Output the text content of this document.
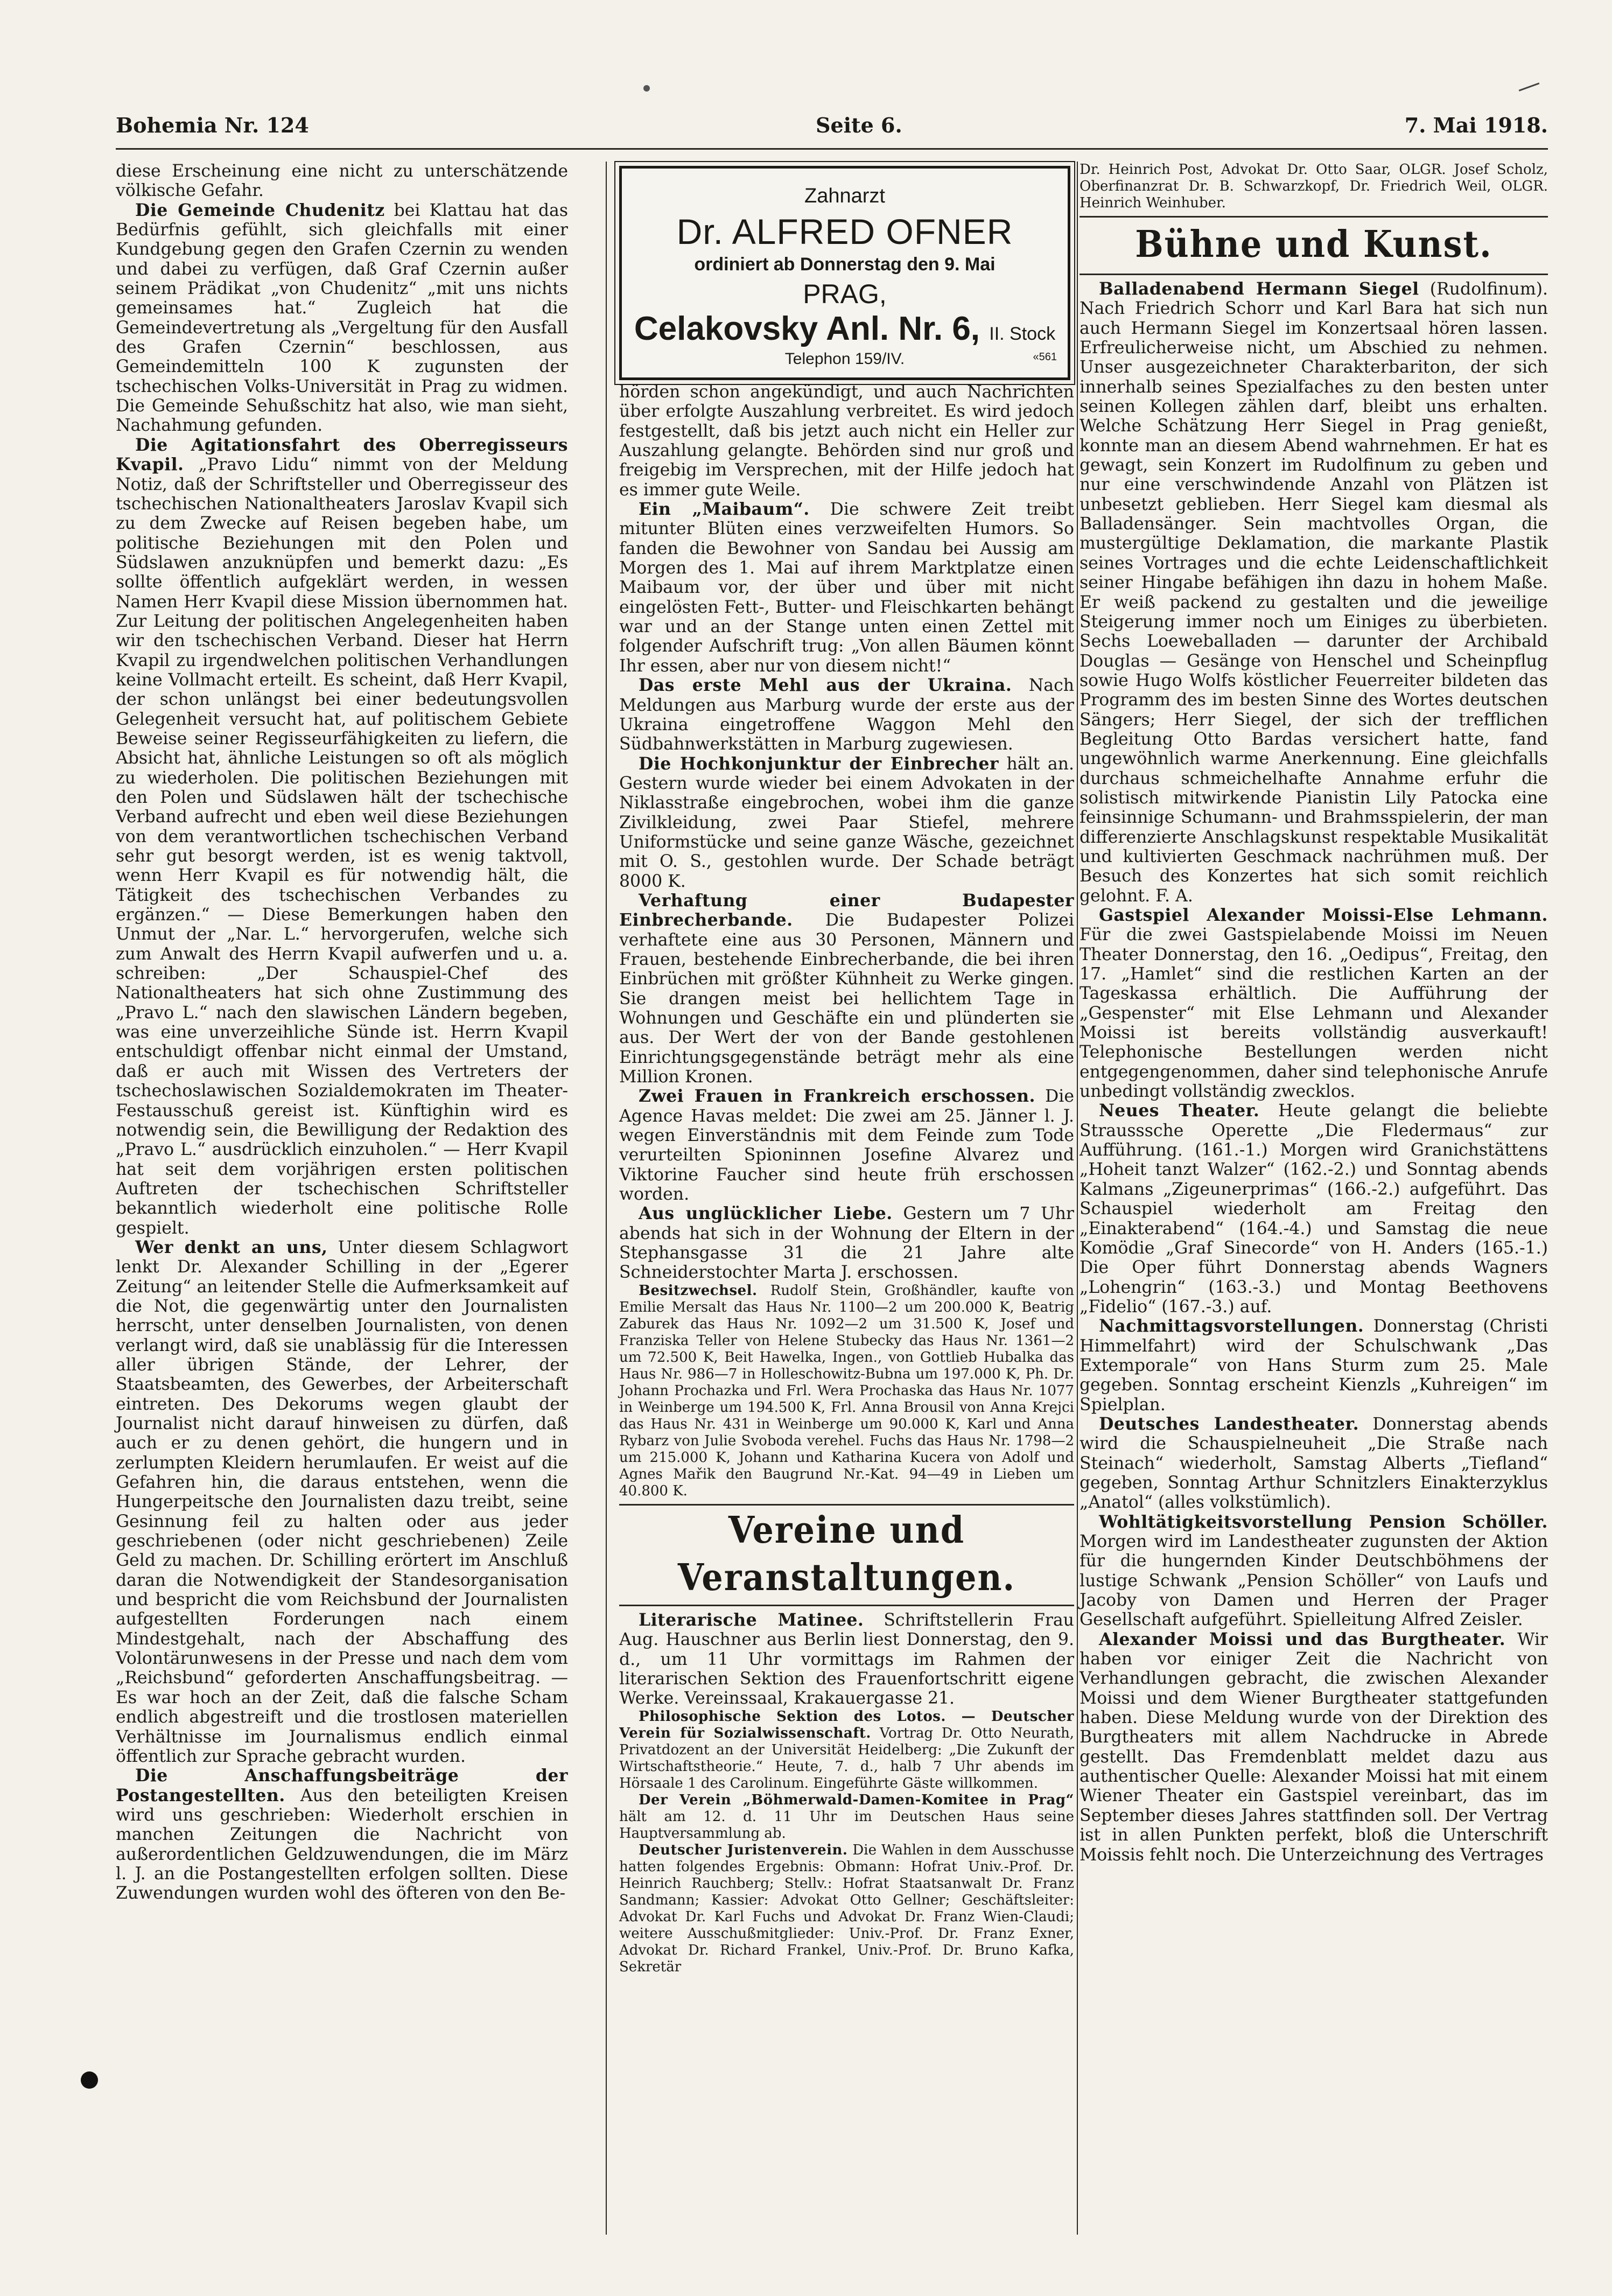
Bohemia Nr. 124	Seite 6.	7. Mai 1918.

diese Erscheinung eine nicht zu unterschätzende völkische Gefahr.

Die Gemeinde Chudenitz bei Klattau hat das Bedürfnis gefühlt, sich gleichfalls mit einer Kundgebung gegen den Grafen Czernin zu wenden und dabei zu verfügen, daß Graf Czernin außer seinem Prädikat „von Chudenitz“ „mit uns nichts gemeinsames hat.“ Zugleich hat die Gemeindevertretung als „Vergeltung für den Ausfall des Grafen Czernin“ beschlossen, aus Gemeindemitteln 100 K zugunsten der tschechischen Volks-Universität in Prag zu widmen. Die Gemeinde Sehußschitz hat also, wie man sieht, Nachahmung gefunden.

Die Agitationsfahrt des Oberregisseurs Kvapil. „Pravo Lidu“ nimmt von der Meldung Notiz, daß der Schriftsteller und Oberregisseur des tschechischen Nationaltheaters Jaroslav Kvapil sich zu dem Zwecke auf Reisen begeben habe, um politische Beziehungen mit den Polen und Südslawen anzuknüpfen und bemerkt dazu: „Es sollte öffentlich aufgeklärt werden, in wessen Namen Herr Kvapil diese Mission übernommen hat. Zur Leitung der politischen Angelegenheiten haben wir den tschechischen Verband. Dieser hat Herrn Kvapil zu irgendwelchen politischen Verhandlungen keine Vollmacht erteilt. Es scheint, daß Herr Kvapil, der schon unlängst bei einer bedeutungsvollen Gelegenheit versucht hat, auf politischem Gebiete Beweise seiner Regisseurfähigkeiten zu liefern, die Absicht hat, ähnliche Leistungen so oft als möglich zu wiederholen. Die politischen Beziehungen mit den Polen und Südslawen hält der tschechische Verband aufrecht und eben weil diese Beziehungen von dem verantwortlichen tschechischen Verband sehr gut besorgt werden, ist es wenig taktvoll, wenn Herr Kvapil es für notwendig hält, die Tätigkeit des tschechischen Verbandes zu ergänzen.“ — Diese Bemerkungen haben den Unmut der „Nar. L.“ hervorgerufen, welche sich zum Anwalt des Herrn Kvapil aufwerfen und u. a. schreiben: „Der Schauspiel-Chef des Nationaltheaters hat sich ohne Zustimmung des „Pravo L.“ nach den slawischen Ländern begeben, was eine unverzeihliche Sünde ist. Herrn Kvapil entschuldigt offenbar nicht einmal der Umstand, daß er auch mit Wissen des Vertreters der tschechoslawischen Sozialdemokraten im Theater-Festausschuß gereist ist. Künftighin wird es notwendig sein, die Bewilligung der Redaktion des „Pravo L.“ ausdrücklich einzuholen.“ — Herr Kvapil hat seit dem vorjährigen ersten politischen Auftreten der tschechischen Schriftsteller bekanntlich wiederholt eine politische Rolle gespielt.

Wer denkt an uns, Unter diesem Schlagwort lenkt Dr. Alexander Schilling in der „Egerer Zeitung“ an leitender Stelle die Aufmerksamkeit auf die Not, die gegenwärtig unter den Journalisten herrscht, unter denselben Journalisten, von denen verlangt wird, daß sie unablässig für die Interessen aller übrigen Stände, der Lehrer, der Staatsbeamten, des Gewerbes, der Arbeiterschaft eintreten. Des Dekorums wegen glaubt der Journalist nicht darauf hinweisen zu dürfen, daß auch er zu denen gehört, die hungern und in zerlumpten Kleidern herumlaufen. Er weist auf die Gefahren hin, die daraus entstehen, wenn die Hungerpeitsche den Journalisten dazu treibt, seine Gesinnung feil zu halten oder aus jeder geschriebenen (oder nicht geschriebenen) Zeile Geld zu machen. Dr. Schilling erörtert im Anschluß daran die Notwendigkeit der Standesorganisation und bespricht die vom Reichsbund der Journalisten aufgestellten Forderungen nach einem Mindestgehalt, nach der Abschaffung des Volontärunwesens in der Presse und nach dem vom „Reichsbund“ geforderten Anschaffungsbeitrag. — Es war hoch an der Zeit, daß die falsche Scham endlich abgestreift und die trostlosen materiellen Verhältnisse im Journalismus endlich einmal öffentlich zur Sprache gebracht wurden.

Die Anschaffungsbeiträge der Postangestellten. Aus den beteiligten Kreisen wird uns geschrieben: Wiederholt erschien in manchen Zeitungen die Nachricht von außerordentlichen Geldzuwendungen, die im März l. J. an die Postangestellten erfolgen sollten. Diese Zuwendungen wurden wohl des öfteren von den Be-

Zahnarzt
Dr. ALFRED OFNER
ordiniert ab Donnerstag den 9. Mai
PRAG,
Celakovsky Anl. Nr. 6, II. Stock
Telephon 159/IV.	«561

hörden schon angekündigt, und auch Nachrichten über erfolgte Auszahlung verbreitet. Es wird jedoch festgestellt, daß bis jetzt auch nicht ein Heller zur Auszahlung gelangte. Behörden sind nur groß und freigebig im Versprechen, mit der Hilfe jedoch hat es immer gute Weile.

Ein „Maibaum“. Die schwere Zeit treibt mitunter Blüten eines verzweifelten Humors. So fanden die Bewohner von Sandau bei Aussig am Morgen des 1. Mai auf ihrem Marktplatze einen Maibaum vor, der über und über mit nicht eingelösten Fett-, Butter- und Fleischkarten behängt war und an der Stange unten einen Zettel mit folgender Aufschrift trug: „Von allen Bäumen könnt Ihr essen, aber nur von diesem nicht!“

Das erste Mehl aus der Ukraina. Nach Meldungen aus Marburg wurde der erste aus der Ukraina eingetroffene Waggon Mehl den Südbahnwerkstätten in Marburg zugewiesen.

Die Hochkonjunktur der Einbrecher hält an. Gestern wurde wieder bei einem Advokaten in der Niklasstraße eingebrochen, wobei ihm die ganze Zivilkleidung, zwei Paar Stiefel, mehrere Uniformstücke und seine ganze Wäsche, gezeichnet mit O. S., gestohlen wurde. Der Schade beträgt 8000 K.

Verhaftung einer Budapester Einbrecherbande. Die Budapester Polizei verhaftete eine aus 30 Personen, Männern und Frauen, bestehende Einbrecherbande, die bei ihren Einbrüchen mit größter Kühnheit zu Werke gingen. Sie drangen meist bei hellichtem Tage in Wohnungen und Geschäfte ein und plünderten sie aus. Der Wert der von der Bande gestohlenen Einrichtungsgegenstände beträgt mehr als eine Million Kronen.

Zwei Frauen in Frankreich erschossen. Die Agence Havas meldet: Die zwei am 25. Jänner l. J. wegen Einverständnis mit dem Feinde zum Tode verurteilten Spioninnen Josefine Alvarez und Viktorine Faucher sind heute früh erschossen worden.

Aus unglücklicher Liebe. Gestern um 7 Uhr abends hat sich in der Wohnung der Eltern in der Stephansgasse 31 die 21 Jahre alte Schneiderstochter Marta J. erschossen.

Besitzwechsel. Rudolf Stein, Großhändler, kaufte von Emilie Mersalt das Haus Nr. 1100—2 um 200.000 K, Beatrig Zaburek das Haus Nr. 1092—2 um 31.500 K, Josef und Franziska Teller von Helene Stubecky das Haus Nr. 1361—2 um 72.500 K, Beit Hawelka, Ingen., von Gottlieb Hubalka das Haus Nr. 986—7 in Holleschowitz-Bubna um 197.000 K, Ph. Dr. Johann Prochazka und Frl. Wera Prochaska das Haus Nr. 1077 in Weinberge um 194.500 K, Frl. Anna Brousil von Anna Krejci das Haus Nr. 431 in Weinberge um 90.000 K, Karl und Anna Rybarz von Julie Svoboda verehel. Fuchs das Haus Nr. 1798—2 um 215.000 K, Johann und Katharina Kucera von Adolf und Agnes Mařik den Baugrund Nr.-Kat. 94—49 in Lieben um 40.800 K.

Vereine und Veranstaltungen.

Literarische Matinee. Schriftstellerin Frau Aug. Hauschner aus Berlin liest Donnerstag, den 9. d., um 11 Uhr vormittags im Rahmen der literarischen Sektion des Frauenfortschritt eigene Werke. Vereinssaal, Krakauergasse 21.

Philosophische Sektion des Lotos. — Deutscher Verein für Sozialwissenschaft. Vortrag Dr. Otto Neurath, Privatdozent an der Universität Heidelberg: „Die Zukunft der Wirtschaftstheorie.“ Heute, 7. d., halb 7 Uhr abends im Hörsaale 1 des Carolinum. Eingeführte Gäste willkommen.

Der Verein „Böhmerwald-Damen-Komitee in Prag“ hält am 12. d. 11 Uhr im Deutschen Haus seine Hauptversammlung ab.

Deutscher Juristenverein. Die Wahlen in dem Ausschusse hatten folgendes Ergebnis: Obmann: Hofrat Univ.-Prof. Dr. Heinrich Rauchberg; Stellv.: Hofrat Staatsanwalt Dr. Franz Sandmann; Kassier: Advokat Otto Gellner; Geschäftsleiter: Advokat Dr. Karl Fuchs und Advokat Dr. Franz Wien-Claudi; weitere Ausschußmitglieder: Univ.-Prof. Dr. Franz Exner, Advokat Dr. Richard Frankel, Univ.-Prof. Dr. Bruno Kafka, Sekretär

Dr. Heinrich Post, Advokat Dr. Otto Saar, OLGR. Josef Scholz, Oberfinanzrat Dr. B. Schwarzkopf, Dr. Friedrich Weil, OLGR. Heinrich Weinhuber.

Bühne und Kunst.

Balladenabend Hermann Siegel (Rudolfinum). Nach Friedrich Schorr und Karl Bara hat sich nun auch Hermann Siegel im Konzertsaal hören lassen. Erfreulicherweise nicht, um Abschied zu nehmen. Unser ausgezeichneter Charakterbariton, der sich innerhalb seines Spezialfaches zu den besten unter seinen Kollegen zählen darf, bleibt uns erhalten. Welche Schätzung Herr Siegel in Prag genießt, konnte man an diesem Abend wahrnehmen. Er hat es gewagt, sein Konzert im Rudolfinum zu geben und nur eine verschwindende Anzahl von Plätzen ist unbesetzt geblieben. Herr Siegel kam diesmal als Balladensänger. Sein machtvolles Organ, die mustergültige Deklamation, die markante Plastik seines Vortrages und die echte Leidenschaftlichkeit seiner Hingabe befähigen ihn dazu in hohem Maße. Er weiß packend zu gestalten und die jeweilige Steigerung immer noch um Einiges zu überbieten. Sechs Loeweballaden — darunter der Archibald Douglas — Gesänge von Henschel und Scheinpflug sowie Hugo Wolfs köstlicher Feuerreiter bildeten das Programm des im besten Sinne des Wortes deutschen Sängers; Herr Siegel, der sich der trefflichen Begleitung Otto Bardas versichert hatte, fand ungewöhnlich warme Anerkennung. Eine gleichfalls durchaus schmeichelhafte Annahme erfuhr die solistisch mitwirkende Pianistin Lily Patocka eine feinsinnige Schumann- und Brahmsspielerin, der man differenzierte Anschlagskunst respektable Musikalität und kultivierten Geschmack nachrühmen muß. Der Besuch des Konzertes hat sich somit reichlich gelohnt. F. A.

Gastspiel Alexander Moissi-Else Lehmann. Für die zwei Gastspielabende Moissi im Neuen Theater Donnerstag, den 16. „Oedipus“, Freitag, den 17. „Hamlet“ sind die restlichen Karten an der Tageskassa erhältlich. Die Aufführung der „Gespenster“ mit Else Lehmann und Alexander Moissi ist bereits vollständig ausverkauft! Telephonische Bestellungen werden nicht entgegengenommen, daher sind telephonische Anrufe unbedingt vollständig zwecklos.

Neues Theater. Heute gelangt die beliebte Strausssche Operette „Die Fledermaus“ zur Aufführung. (161.-1.) Morgen wird Granichstättens „Hoheit tanzt Walzer“ (162.-2.) und Sonntag abends Kalmans „Zigeunerprimas“ (166.-2.) aufgeführt. Das Schauspiel wiederholt am Freitag den „Einakterabend“ (164.-4.) und Samstag die neue Komödie „Graf Sinecorde“ von H. Anders (165.-1.) Die Oper führt Donnerstag abends Wagners „Lohengrin“ (163.-3.) und Montag Beethovens „Fidelio“ (167.-3.) auf.

Nachmittagsvorstellungen. Donnerstag (Christi Himmelfahrt) wird der Schulschwank „Das Extemporale“ von Hans Sturm zum 25. Male gegeben. Sonntag erscheint Kienzls „Kuhreigen“ im Spielplan.

Deutsches Landestheater. Donnerstag abends wird die Schauspielneuheit „Die Straße nach Steinach“ wiederholt, Samstag Alberts „Tiefland“ gegeben, Sonntag Arthur Schnitzlers Einakterzyklus „Anatol“ (alles volkstümlich).

Wohltätigkeitsvorstellung Pension Schöller. Morgen wird im Landestheater zugunsten der Aktion für die hungernden Kinder Deutschböhmens der lustige Schwank „Pension Schöller“ von Laufs und Jacoby von Damen und Herren der Prager Gesellschaft aufgeführt. Spielleitung Alfred Zeisler.

Alexander Moissi und das Burgtheater. Wir haben vor einiger Zeit die Nachricht von Verhandlungen gebracht, die zwischen Alexander Moissi und dem Wiener Burgtheater stattgefunden haben. Diese Meldung wurde von der Direktion des Burgtheaters mit allem Nachdrucke in Abrede gestellt. Das Fremdenblatt meldet dazu aus authentischer Quelle: Alexander Moissi hat mit einem Wiener Theater ein Gastspiel vereinbart, das im September dieses Jahres stattfinden soll. Der Vertrag ist in allen Punkten perfekt, bloß die Unterschrift Moissis fehlt noch. Die Unterzeichnung des Vertrages
